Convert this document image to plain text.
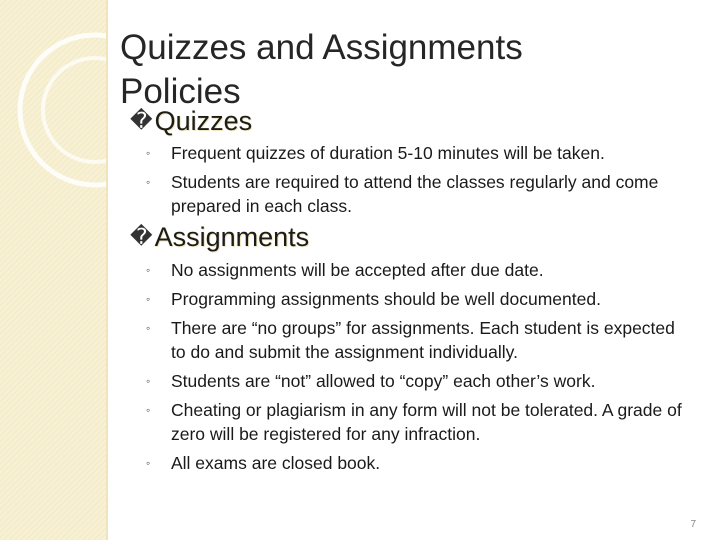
Quizzes and Assignments
Policies
�Quizzes
◦ Frequent quizzes of duration 5-10 minutes will be taken.
◦ Students are required to attend the classes regularly and come prepared in each class.
�Assignments
◦ No assignments will be accepted after due date.
◦ Programming assignments should be well documented.
◦ There are “no groups” for assignments. Each student is expected to do and submit the assignment individually.
◦ Students are “not” allowed to “copy” each other’s work.
◦ Cheating or plagiarism in any form will not be tolerated. A grade of zero will be registered for any infraction.
◦ All exams are closed book.
7
